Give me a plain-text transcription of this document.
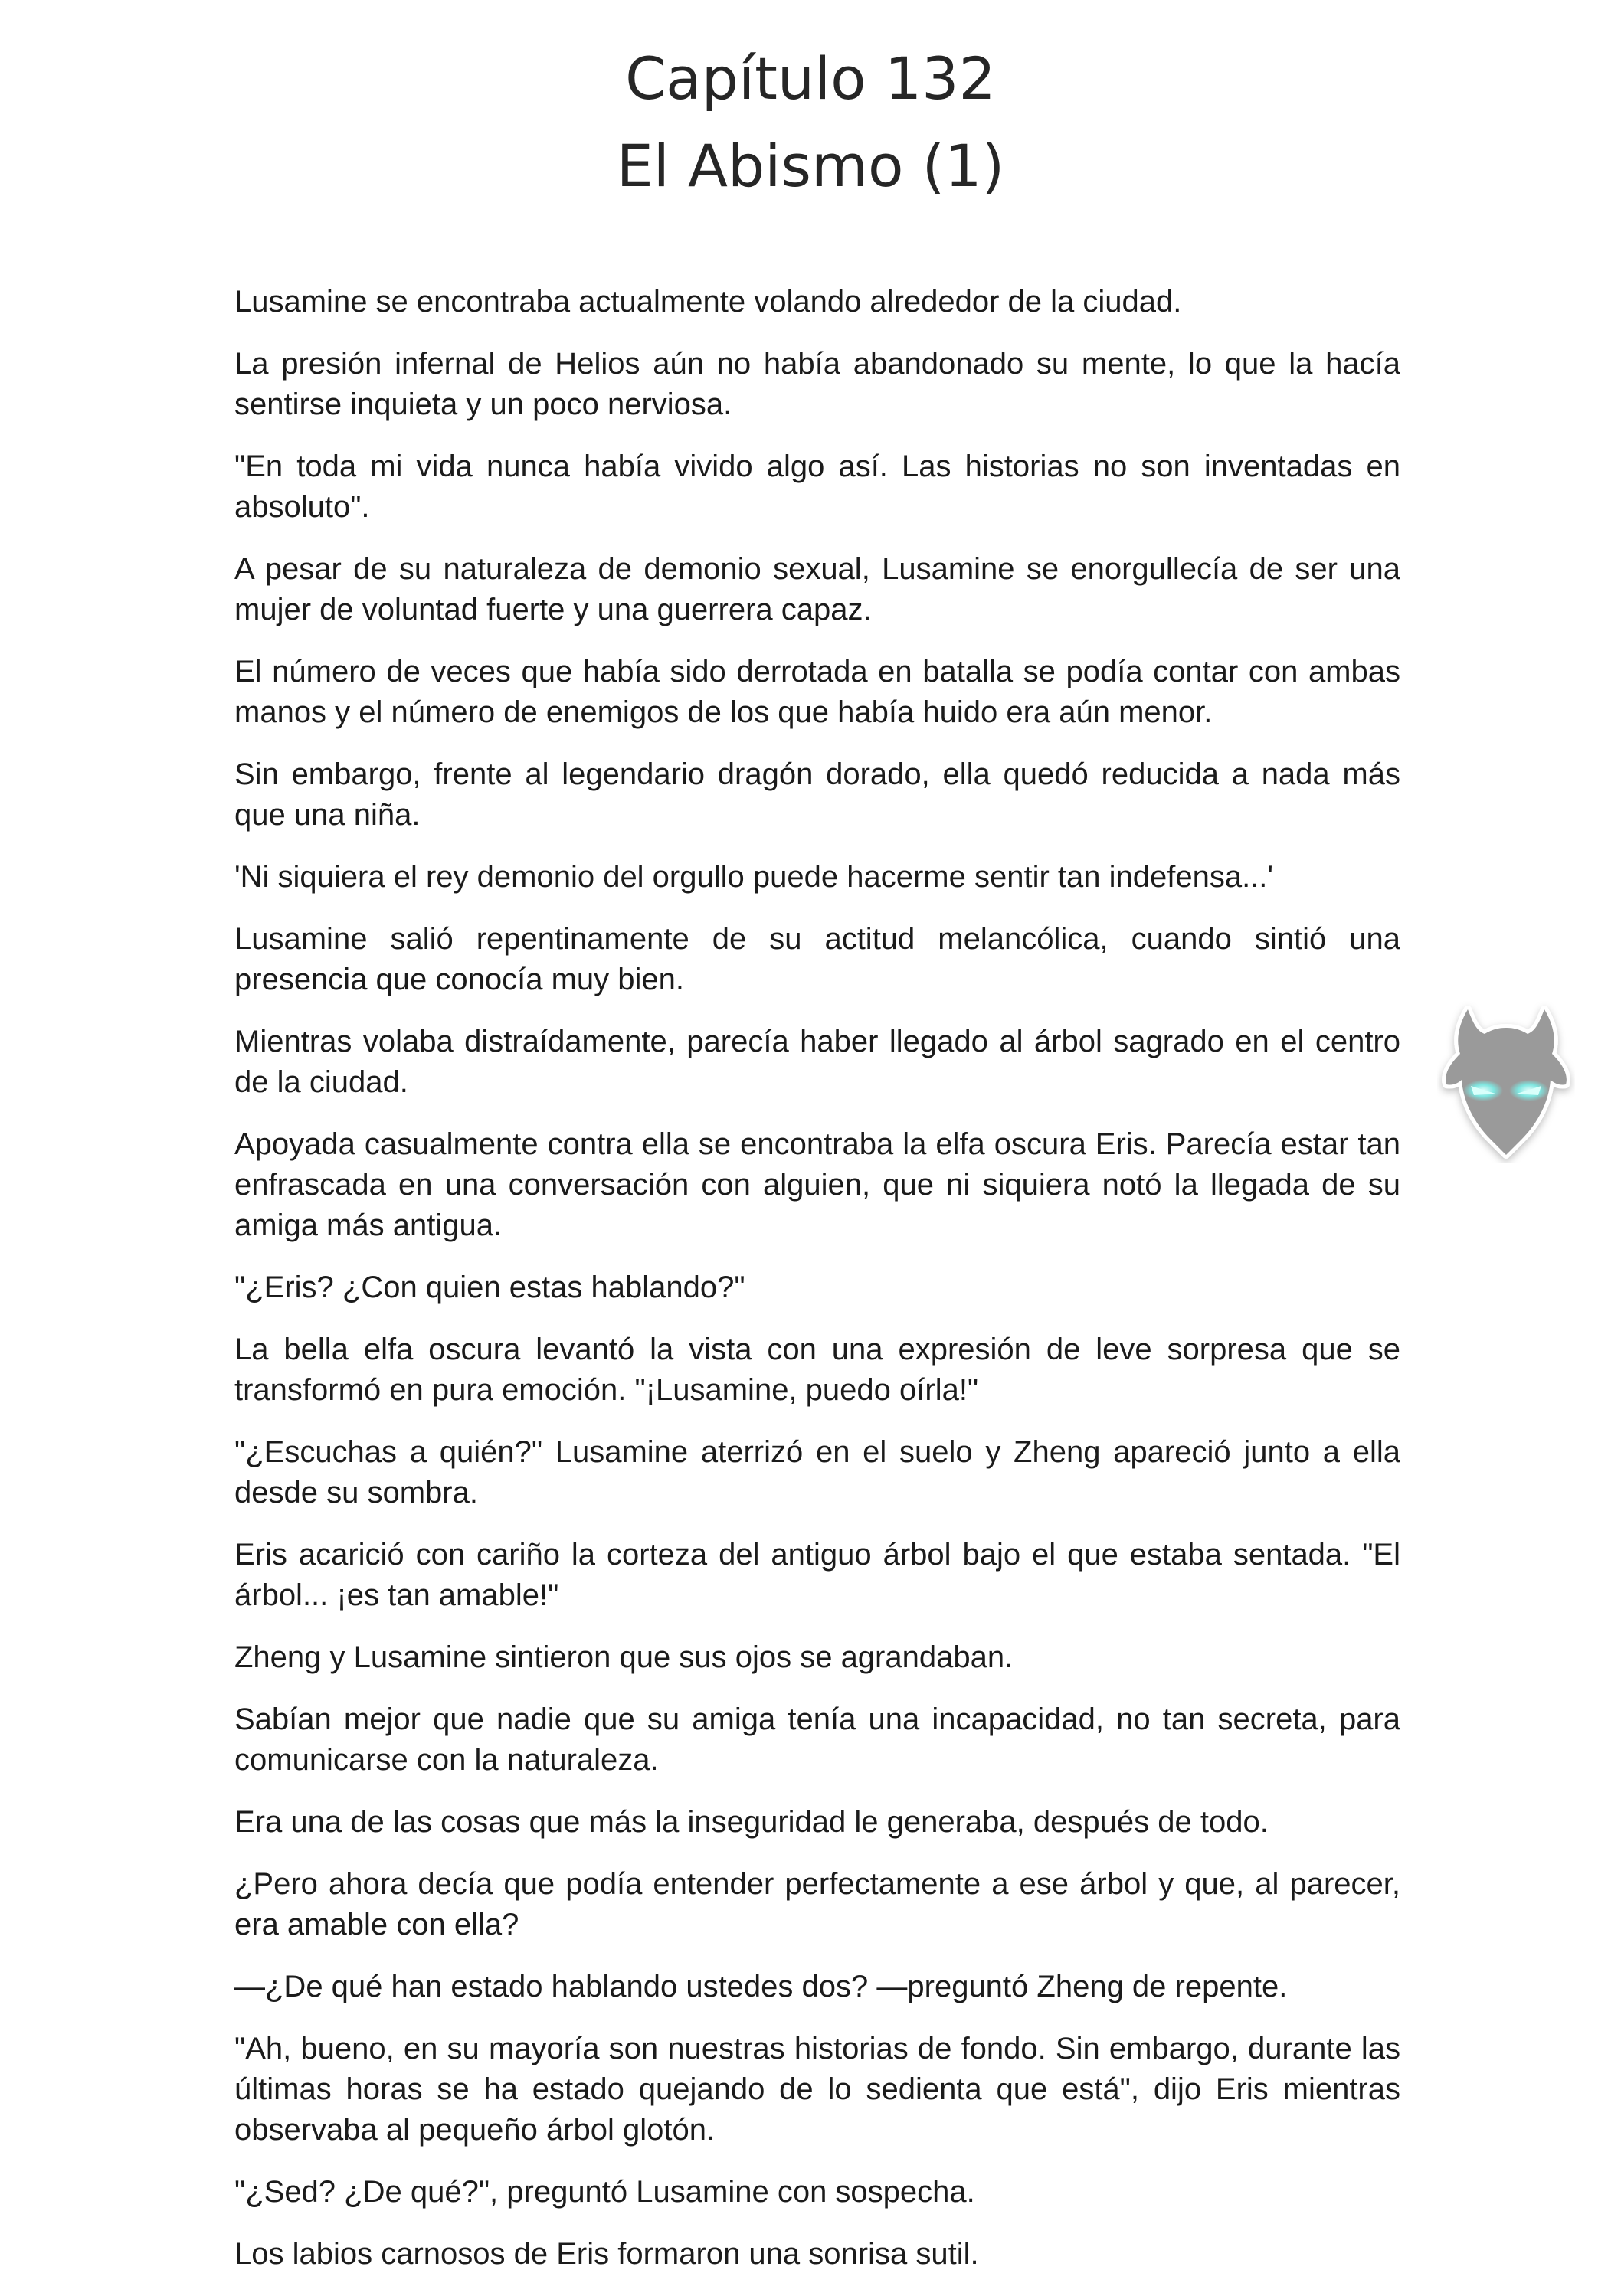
Capítulo 132
El Abismo (1)

Lusamine se encontraba actualmente volando alrededor de la ciudad.

La presión infernal de Helios aún no había abandonado su mente, lo que la hacía sentirse inquieta y un poco nerviosa.

"En toda mi vida nunca había vivido algo así. Las historias no son inventadas en absoluto".

A pesar de su naturaleza de demonio sexual, Lusamine se enorgullecía de ser una mujer de voluntad fuerte y una guerrera capaz.

El número de veces que había sido derrotada en batalla se podía contar con ambas manos y el número de enemigos de los que había huido era aún menor.

Sin embargo, frente al legendario dragón dorado, ella quedó reducida a nada más que una niña.

'Ni siquiera el rey demonio del orgullo puede hacerme sentir tan indefensa...'

Lusamine salió repentinamente de su actitud melancólica, cuando sintió una presencia que conocía muy bien.

Mientras volaba distraídamente, parecía haber llegado al árbol sagrado en el centro de la ciudad.

Apoyada casualmente contra ella se encontraba la elfa oscura Eris. Parecía estar tan enfrascada en una conversación con alguien, que ni siquiera notó la llegada de su amiga más antigua.

"¿Eris? ¿Con quien estas hablando?"

La bella elfa oscura levantó la vista con una expresión de leve sorpresa que se transformó en pura emoción. "¡Lusamine, puedo oírla!"

"¿Escuchas a quién?" Lusamine aterrizó en el suelo y Zheng apareció junto a ella desde su sombra.

Eris acarició con cariño la corteza del antiguo árbol bajo el que estaba sentada. "El árbol... ¡es tan amable!"

Zheng y Lusamine sintieron que sus ojos se agrandaban.

Sabían mejor que nadie que su amiga tenía una incapacidad, no tan secreta, para comunicarse con la naturaleza.

Era una de las cosas que más la inseguridad le generaba, después de todo.

¿Pero ahora decía que podía entender perfectamente a ese árbol y que, al parecer, era amable con ella?

—¿De qué han estado hablando ustedes dos? —preguntó Zheng de repente.

"Ah, bueno, en su mayoría son nuestras historias de fondo. Sin embargo, durante las últimas horas se ha estado quejando de lo sedienta que está", dijo Eris mientras observaba al pequeño árbol glotón.

"¿Sed? ¿De qué?", preguntó Lusamine con sospecha.

Los labios carnosos de Eris formaron una sonrisa sutil.
